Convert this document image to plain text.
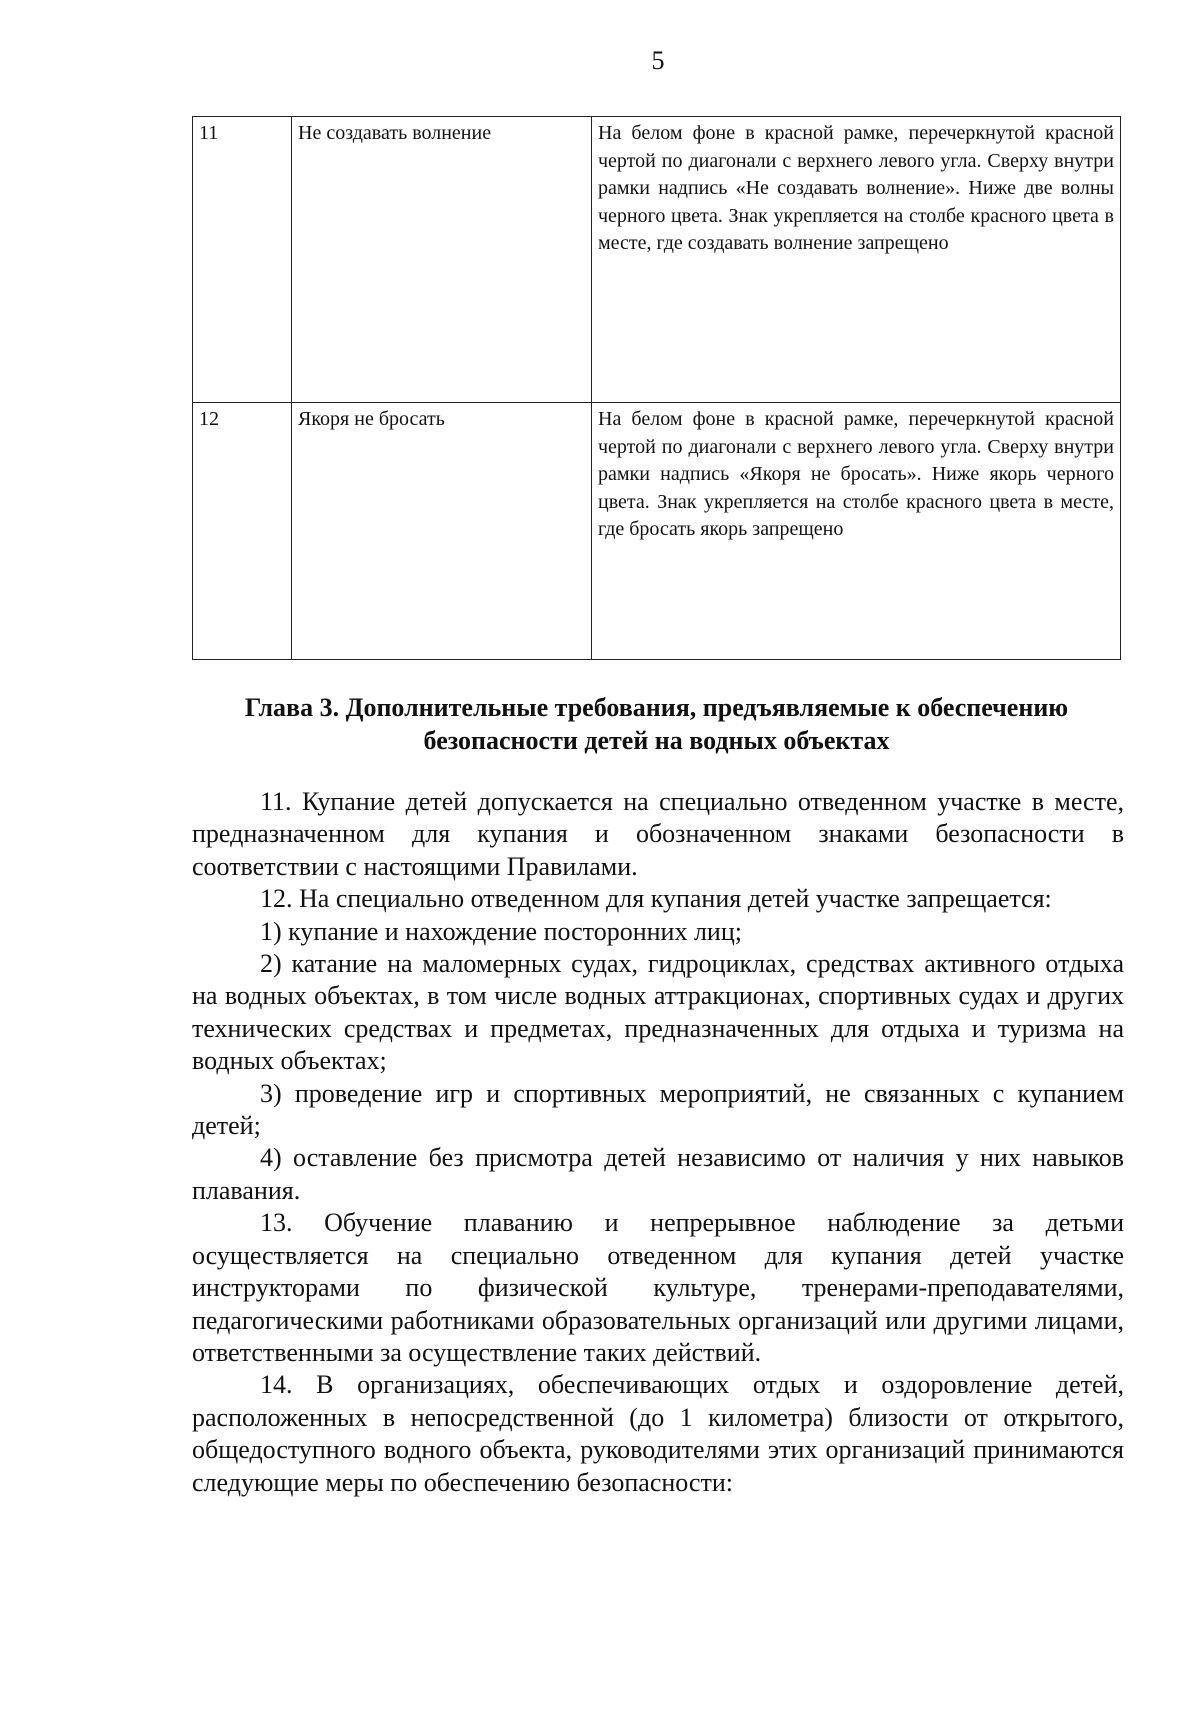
5
11	Не создавать волнение	На белом фоне в красной рамке, перечеркнутой красной чертой по диагонали с верхнего левого угла. Сверху внутри рамки надпись «Не создавать волнение». Ниже две волны черного цвета. Знак укрепляется на столбе красного цвета в месте, где создавать волнение запрещено
12	Якоря не бросать	На белом фоне в красной рамке, перечеркнутой красной чертой по диагонали с верхнего левого угла. Сверху внутри рамки надпись «Якоря не бросать». Ниже якорь черного цвета. Знак укрепляется на столбе красного цвета в месте, где бросать якорь запрещено
Глава 3. Дополнительные требования, предъявляемые к обеспечению
безопасности детей на водных объектах

11. Купание детей допускается на специально отведенном участке в месте, предназначенном для купания и обозначенном знаками безопасности в соответствии с настоящими Правилами.

12. На специально отведенном для купания детей участке запрещается:

1) купание и нахождение посторонних лиц;

2) катание на маломерных судах, гидроциклах, средствах активного отдыха на водных объектах, в том числе водных аттракционах, спортивных судах и других технических средствах и предметах, предназначенных для отдыха и туризма на водных объектах;

3) проведение игр и спортивных мероприятий, не связанных с купанием детей;

4) оставление без присмотра детей независимо от наличия у них навыков плавания.

13. Обучение плаванию и непрерывное наблюдение за детьми осуществляется на специально отведенном для купания детей участке инструкторами по физической культуре, тренерами-преподавателями, педагогическими работниками образовательных организаций или другими лицами, ответственными за осуществление таких действий.

14. В организациях, обеспечивающих отдых и оздоровление детей, расположенных в непосредственной (до 1 километра) близости от открытого, общедоступного водного объекта, руководителями этих организаций принимаются следующие меры по обеспечению безопасности:
